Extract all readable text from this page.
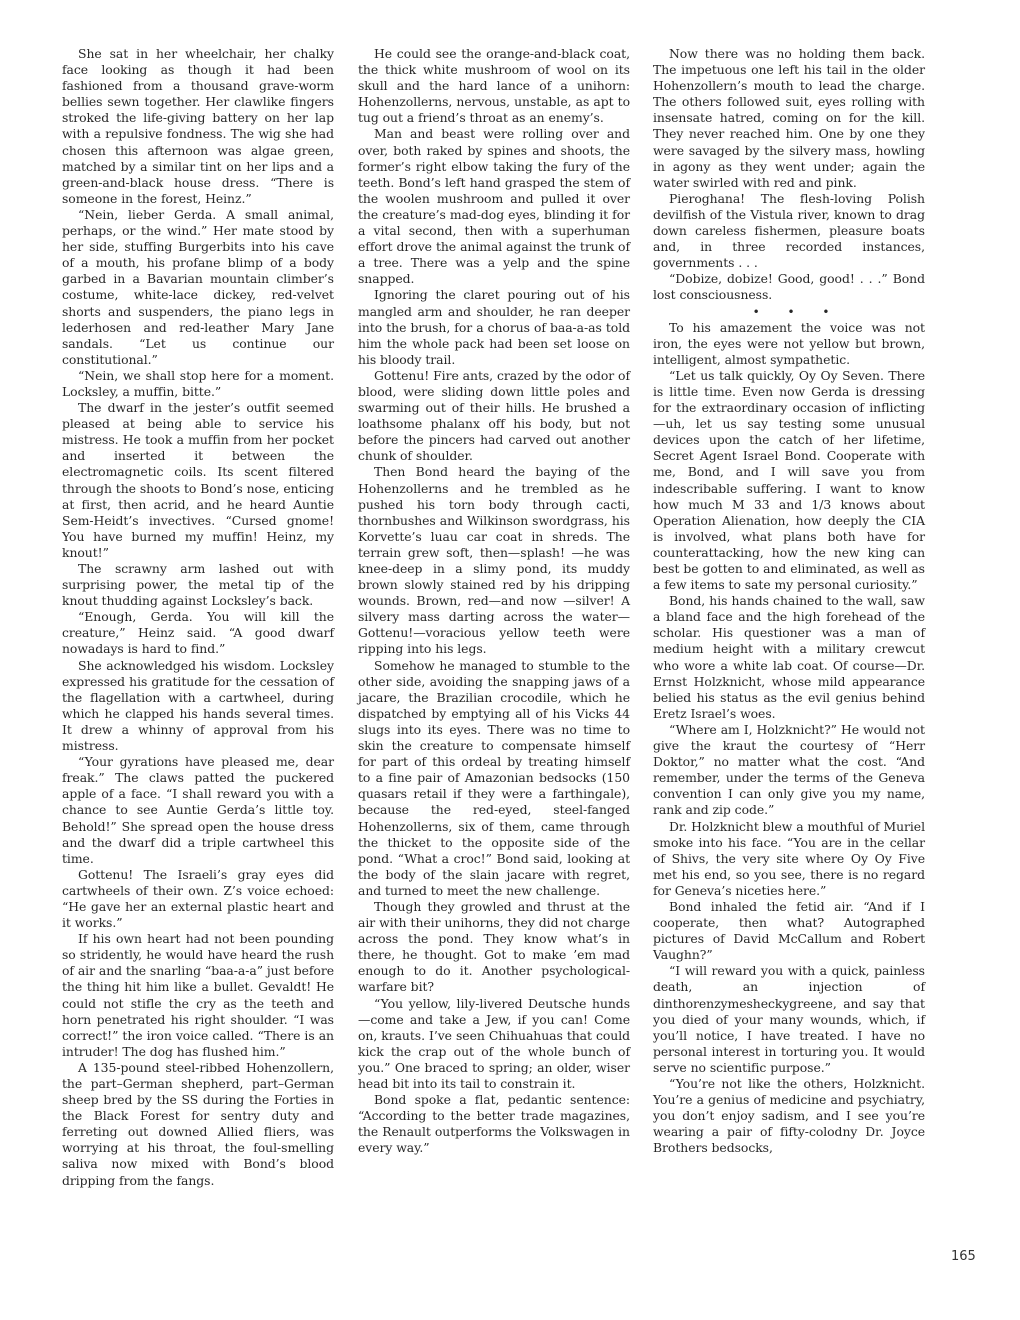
She sat in her wheelchair, her chalky face looking as though it had been fashioned from a thousand grave-worm bellies sewn together. Her clawlike fingers stroked the life-giving battery on her lap with a repulsive fondness. The wig she had chosen this afternoon was algae green, matched by a similar tint on her lips and a green-and-black house dress. “There is someone in the forest, Heinz.”

“Nein, lieber Gerda. A small animal, perhaps, or the wind.” Her mate stood by her side, stuffing Burgerbits into his cave of a mouth, his profane blimp of a body garbed in a Bavarian mountain climber’s costume, white-lace dickey, red-velvet shorts and suspenders, the piano legs in lederhosen and red-leather Mary Jane sandals. “Let us continue our constitutional.”

“Nein, we shall stop here for a moment. Locksley, a muffin, bitte.”

The dwarf in the jester’s outfit seemed pleased at being able to service his mistress. He took a muffin from her pocket and inserted it between the electromagnetic coils. Its scent filtered through the shoots to Bond’s nose, enticing at first, then acrid, and he heard Auntie Sem-Heidt’s invectives. “Cursed gnome! You have burned my muffin! Heinz, my knout!”

The scrawny arm lashed out with surprising power, the metal tip of the knout thudding against Locksley’s back.

“Enough, Gerda. You will kill the creature,” Heinz said. “A good dwarf nowadays is hard to find.”

She acknowledged his wisdom. Locksley expressed his gratitude for the cessation of the flagellation with a cartwheel, during which he clapped his hands several times. It drew a whinny of approval from his mistress.

“Your gyrations have pleased me, dear freak.” The claws patted the puckered apple of a face. “I shall reward you with a chance to see Auntie Gerda’s little toy. Behold!” She spread open the house dress and the dwarf did a triple cartwheel this time.

Gottenu! The Israeli’s gray eyes did cartwheels of their own. Z’s voice echoed: “He gave her an external plastic heart and it works.”

If his own heart had not been pounding so stridently, he would have heard the rush of air and the snarling “baa-a-a” just before the thing hit him like a bullet. Gevaldt! He could not stifle the cry as the teeth and horn penetrated his right shoulder. “I was correct!” the iron voice called. “There is an intruder! The dog has flushed him.”

A 135-pound steel-ribbed Hohenzollern, the part–German shepherd, part–German sheep bred by the SS during the Forties in the Black Forest for sentry duty and ferreting out downed Allied fliers, was worrying at his throat, the foul-smelling saliva now mixed with Bond’s blood dripping from the fangs.

He could see the orange-and-black coat, the thick white mushroom of wool on its skull and the hard lance of a unihorn: Hohenzollerns, nervous, unstable, as apt to tug out a friend’s throat as an enemy’s.

Man and beast were rolling over and over, both raked by spines and shoots, the former’s right elbow taking the fury of the teeth. Bond’s left hand grasped the stem of the woolen mushroom and pulled it over the creature’s mad-dog eyes, blinding it for a vital second, then with a superhuman effort drove the animal against the trunk of a tree. There was a yelp and the spine snapped.

Ignoring the claret pouring out of his mangled arm and shoulder, he ran deeper into the brush, for a chorus of baa-a-as told him the whole pack had been set loose on his bloody trail.

Gottenu! Fire ants, crazed by the odor of blood, were sliding down little poles and swarming out of their hills. He brushed a loathsome phalanx off his body, but not before the pincers had carved out another chunk of shoulder.

Then Bond heard the baying of the Hohenzollerns and he trembled as he pushed his torn body through cacti, thornbushes and Wilkinson swordgrass, his Korvette’s luau car coat in shreds. The terrain grew soft, then—splash! —he was knee-deep in a slimy pond, its muddy brown slowly stained red by his dripping wounds. Brown, red—and now —silver! A silvery mass darting across the water—Gottenu!—voracious yellow teeth were ripping into his legs.

Somehow he managed to stumble to the other side, avoiding the snapping jaws of a jacare, the Brazilian crocodile, which he dispatched by emptying all of his Vicks 44 slugs into its eyes. There was no time to skin the creature to compensate himself for part of this ordeal by treating himself to a fine pair of Amazonian bedsocks (150 quasars retail if they were a farthingale), because the red-eyed, steel-fanged Hohenzollerns, six of them, came through the thicket to the opposite side of the pond. “What a croc!” Bond said, looking at the body of the slain jacare with regret, and turned to meet the new challenge.

Though they growled and thrust at the air with their unihorns, they did not charge across the pond. They know what’s in there, he thought. Got to make ’em mad enough to do it. Another psychological-warfare bit?

“You yellow, lily-livered Deutsche hunds—come and take a Jew, if you can! Come on, krauts. I’ve seen Chihuahuas that could kick the crap out of the whole bunch of you.” One braced to spring; an older, wiser head bit into its tail to constrain it.

Bond spoke a flat, pedantic sentence: “According to the better trade magazines, the Renault outperforms the Volkswagen in every way.”

Now there was no holding them back. The impetuous one left his tail in the older Hohenzollern’s mouth to lead the charge. The others followed suit, eyes rolling with insensate hatred, coming on for the kill. They never reached him. One by one they were savaged by the silvery mass, howling in agony as they went under; again the water swirled with red and pink.

Pieroghana! The flesh-loving Polish devilfish of the Vistula river, known to drag down careless fishermen, pleasure boats and, in three recorded instances, governments . . .

“Dobize, dobize! Good, good! . . .” Bond lost consciousness.

• • •

To his amazement the voice was not iron, the eyes were not yellow but brown, intelligent, almost sympathetic.

“Let us talk quickly, Oy Oy Seven. There is little time. Even now Gerda is dressing for the extraordinary occasion of inflicting—uh, let us say testing some unusual devices upon the catch of her lifetime, Secret Agent Israel Bond. Cooperate with me, Bond, and I will save you from indescribable suffering. I want to know how much M 33 and 1/3 knows about Operation Alienation, how deeply the CIA is involved, what plans both have for counterattacking, how the new king can best be gotten to and eliminated, as well as a few items to sate my personal curiosity.”

Bond, his hands chained to the wall, saw a bland face and the high forehead of the scholar. His questioner was a man of medium height with a military crewcut who wore a white lab coat. Of course—Dr. Ernst Holzknicht, whose mild appearance belied his status as the evil genius behind Eretz Israel’s woes.

“Where am I, Holzknicht?” He would not give the kraut the courtesy of “Herr Doktor,” no matter what the cost. “And remember, under the terms of the Geneva convention I can only give you my name, rank and zip code.”

Dr. Holzknicht blew a mouthful of Muriel smoke into his face. “You are in the cellar of Shivs, the very site where Oy Oy Five met his end, so you see, there is no regard for Geneva’s niceties here.”

Bond inhaled the fetid air. “And if I cooperate, then what? Autographed pictures of David McCallum and Robert Vaughn?”

“I will reward you with a quick, painless death, an injection of dinthorenzymesheckygreene, and say that you died of your many wounds, which, if you’ll notice, I have treated. I have no personal interest in torturing you. It would serve no scientific purpose.”

“You’re not like the others, Holzknicht. You’re a genius of medicine and psychiatry, you don’t enjoy sadism, and I see you’re wearing a pair of fifty-colodny Dr. Joyce Brothers bedsocks,

165
